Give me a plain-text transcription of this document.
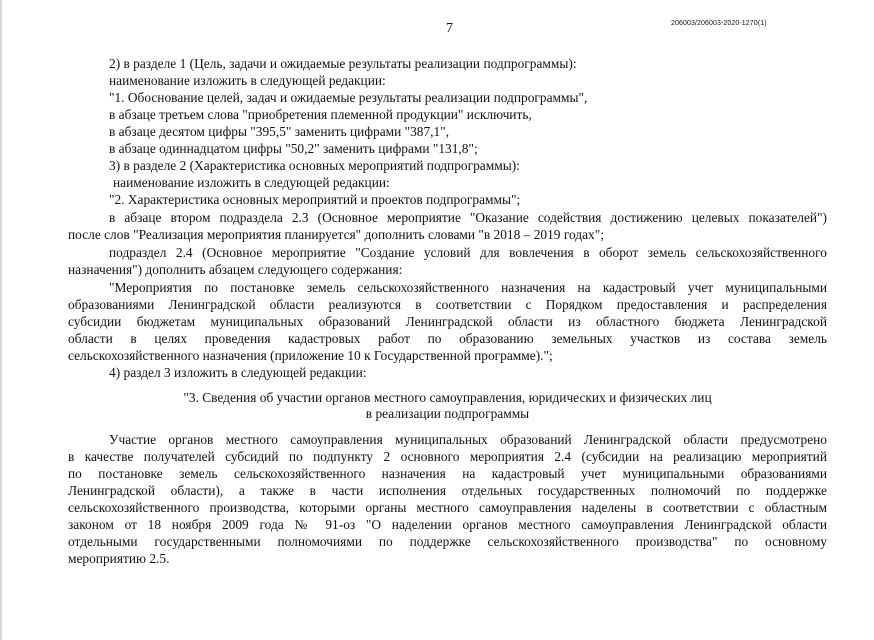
7	206003/206003-2020-1270(1)
2) в разделе 1 (Цель, задачи и ожидаемые результаты реализации подпрограммы):
наименование изложить в следующей редакции:
"1. Обоснование целей, задач и ожидаемые результаты реализации подпрограммы",
в абзаце третьем слова "приобретения племенной продукции" исключить,
в абзаце десятом цифры "395,5" заменить цифрами "387,1",
в абзаце одиннадцатом цифры "50,2" заменить цифрами "131,8";
3) в разделе 2 (Характеристика основных мероприятий подпрограммы):
наименование изложить в следующей редакции:
"2. Характеристика основных мероприятий и проектов подпрограммы";
в абзаце втором подраздела 2.3 (Основное мероприятие "Оказание содействия достижению целевых показателей")
после слов "Реализация мероприятия планируется" дополнить словами "в 2018 – 2019 годах";
подраздел 2.4 (Основное мероприятие "Создание условий для вовлечения в оборот земель сельскохозяйственного
назначения") дополнить абзацем следующего содержания:
"Мероприятия по постановке земель сельскохозяйственного назначения на кадастровый учет муниципальными
образованиями Ленинградской области реализуются в соответствии с Порядком предоставления и распределения
субсидии бюджетам муниципальных образований Ленинградской области из областного бюджета Ленинградской
области в целях проведения кадастровых работ по образованию земельных участков из состава земель
сельскохозяйственного назначения (приложение 10 к Государственной программе).";
4) раздел 3 изложить в следующей редакции:
"3. Сведения об участии органов местного самоуправления, юридических и физических лиц
в реализации подпрограммы
Участие органов местного самоуправления муниципальных образований Ленинградской области предусмотрено
в качестве получателей субсидий по подпункту 2 основного мероприятия 2.4 (субсидии на реализацию мероприятий
по постановке земель сельскохозяйственного назначения на кадастровый учет муниципальными образованиями
Ленинградской области), а также в части исполнения отдельных государственных полномочий по поддержке
сельскохозяйственного производства, которыми органы местного самоуправления наделены в соответствии с областным
законом от 18 ноября 2009 года № 91-оз "О наделении органов местного самоуправления Ленинградской области
отдельными государственными полномочиями по поддержке сельскохозяйственного производства" по основному
мероприятию 2.5.
